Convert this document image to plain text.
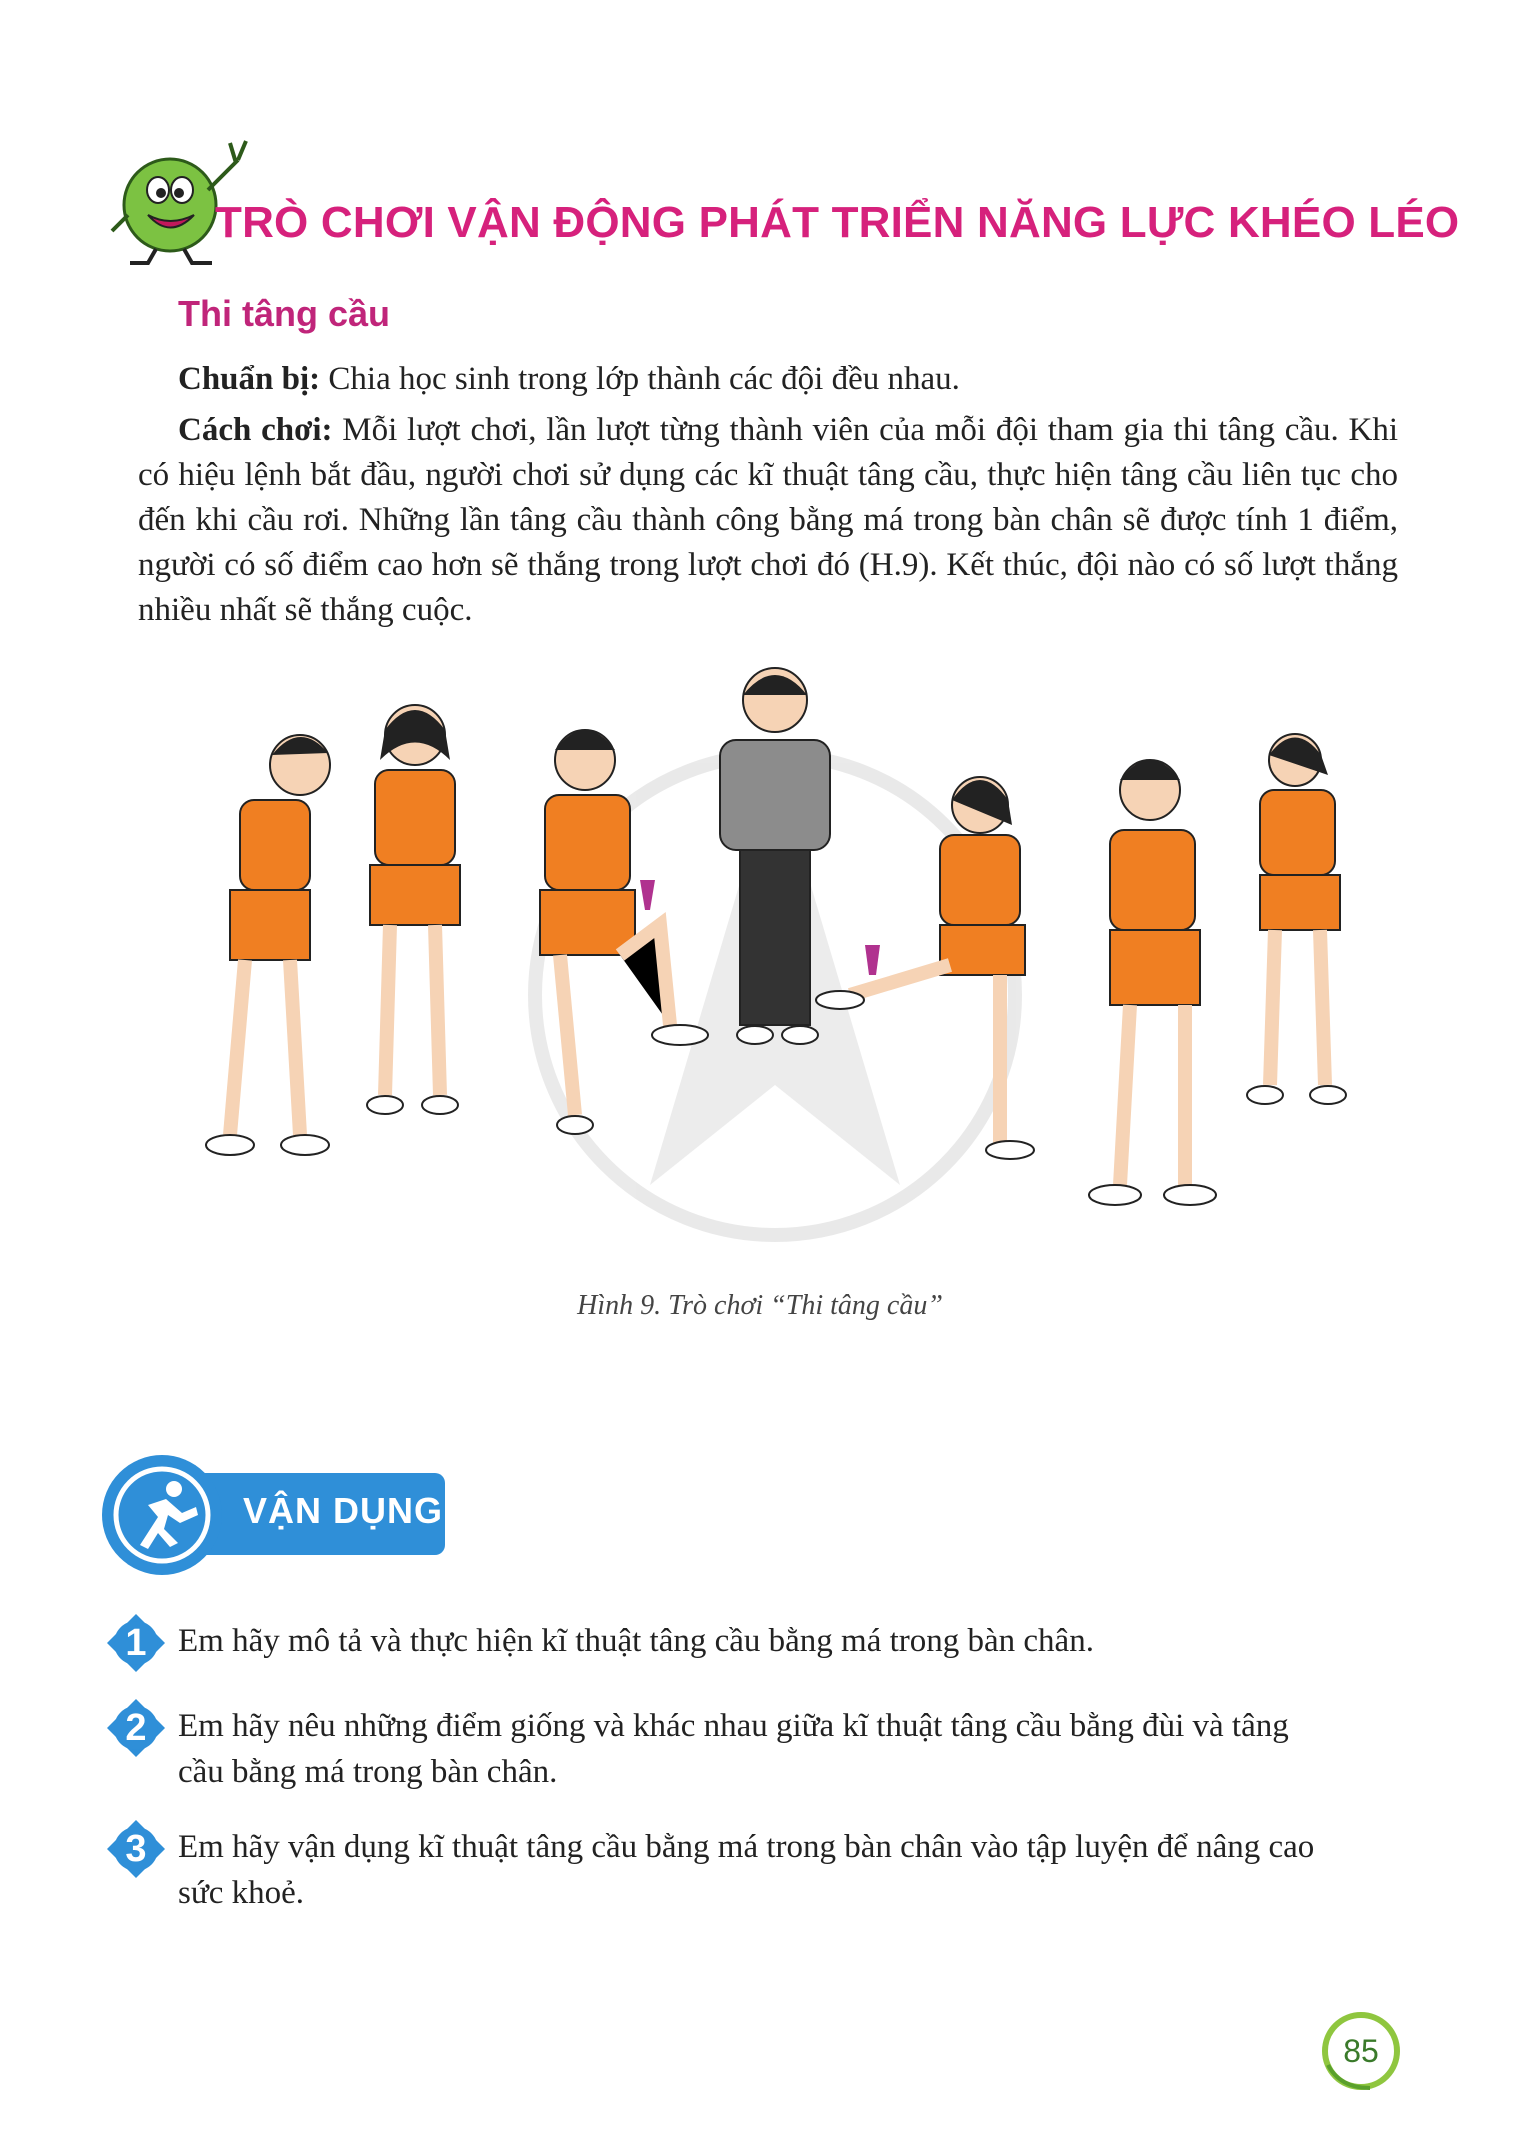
TRÒ CHƠI VẬN ĐỘNG PHÁT TRIỂN NĂNG LỰC KHÉO LÉO
Thi tâng cầu
Chuẩn bị: Chia học sinh trong lớp thành các đội đều nhau.
Cách chơi: Mỗi lượt chơi, lần lượt từng thành viên của mỗi đội tham gia thi tâng cầu. Khi có hiệu lệnh bắt đầu, người chơi sử dụng các kĩ thuật tâng cầu, thực hiện tâng cầu liên tục cho đến khi cầu rơi. Những lần tâng cầu thành công bằng má trong bàn chân sẽ được tính 1 điểm, người có số điểm cao hơn sẽ thắng trong lượt chơi đó (H.9). Kết thúc, đội nào có số lượt thắng nhiều nhất sẽ thắng cuộc.
Hình 9. Trò chơi “Thi tâng cầu”
VẬN DỤNG
1 Em hãy mô tả và thực hiện kĩ thuật tâng cầu bằng má trong bàn chân.
2 Em hãy nêu những điểm giống và khác nhau giữa kĩ thuật tâng cầu bằng đùi và tâng cầu bằng má trong bàn chân.
3 Em hãy vận dụng kĩ thuật tâng cầu bằng má trong bàn chân vào tập luyện để nâng cao sức khoẻ.
85
